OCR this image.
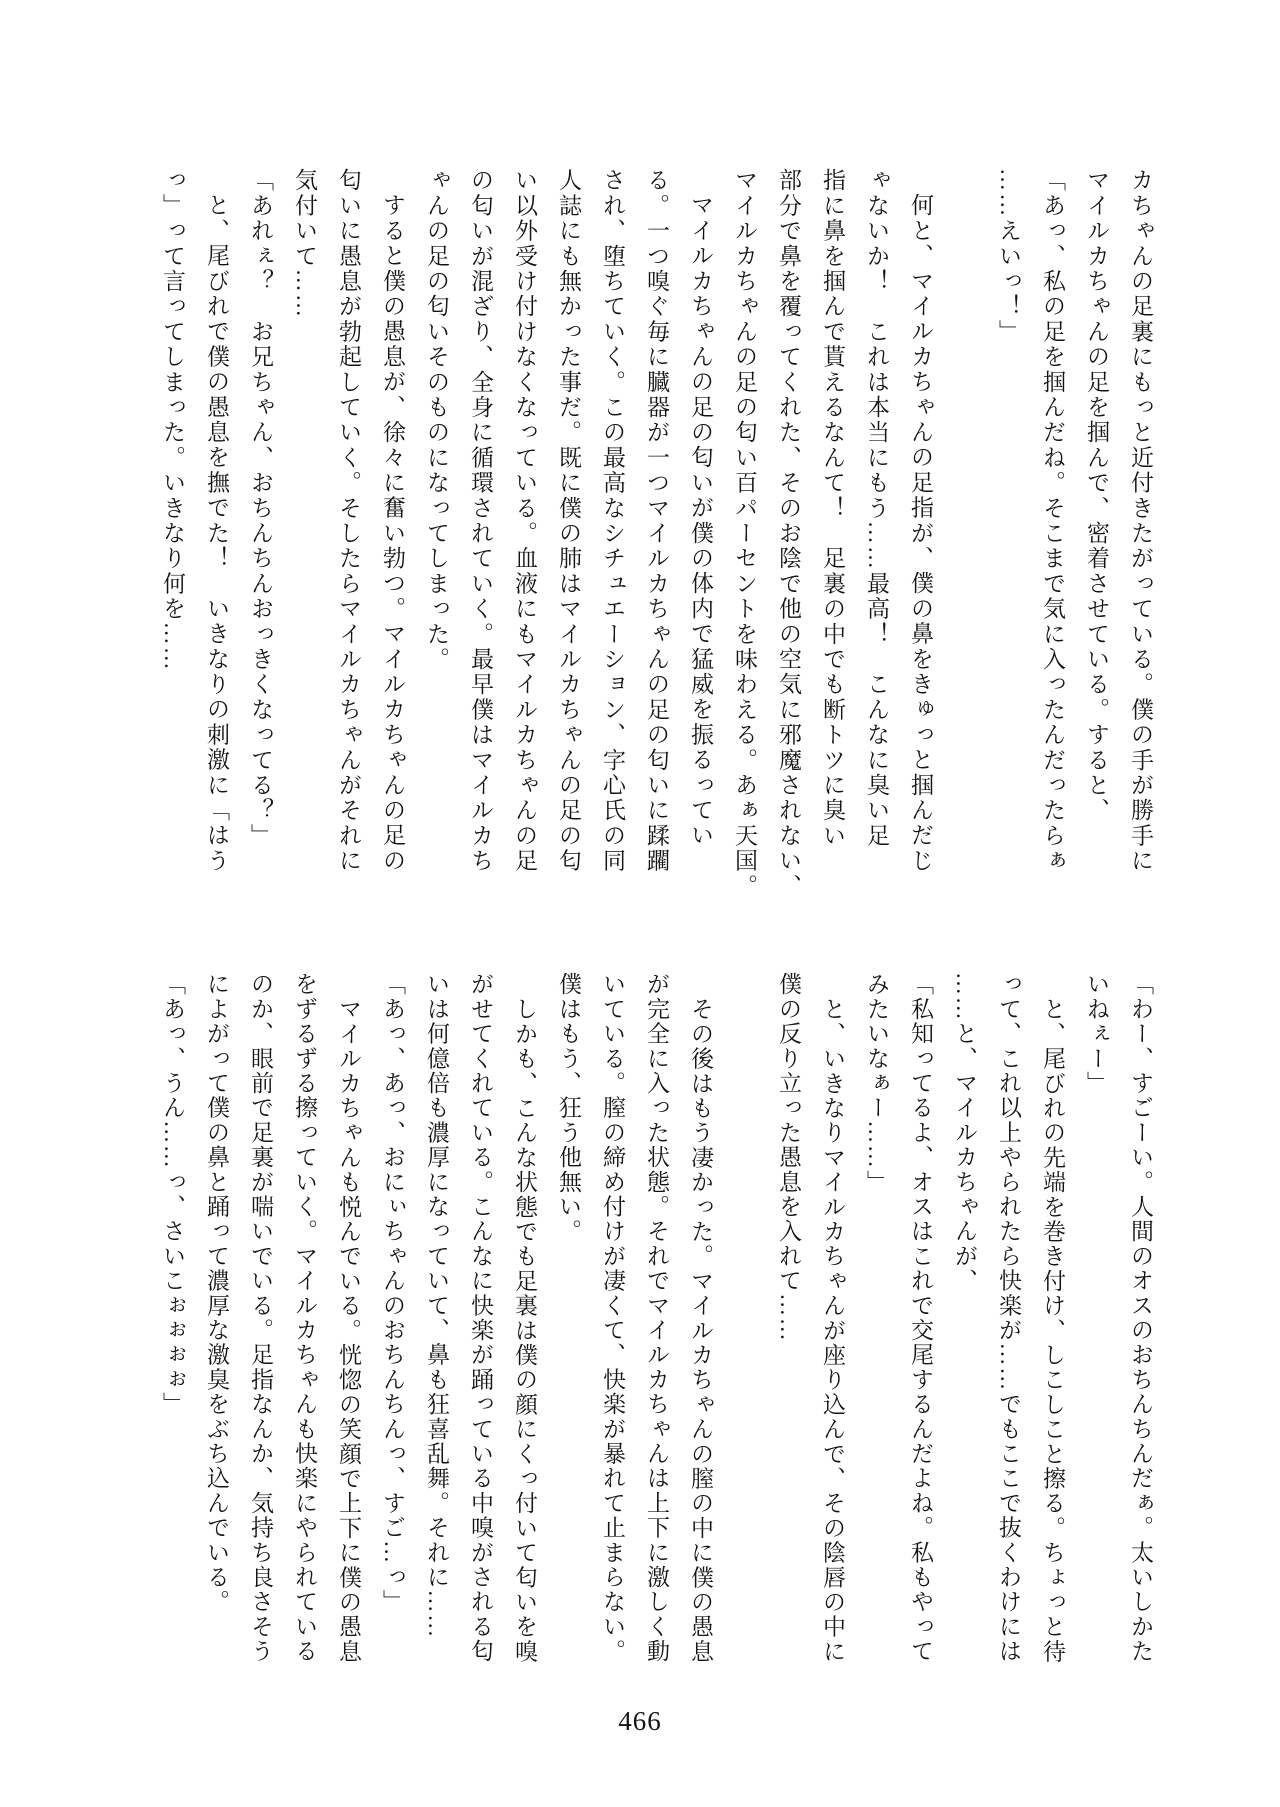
カちゃんの足裏にもっと近付きたがっている。僕の手が勝手に
マイルカちゃんの足を掴んで、密着させている。すると、
「あっ、私の足を掴んだね。そこまで気に入ったんだったらぁ
……えいっ！」
何と、マイルカちゃんの足指が、僕の鼻をきゅっと掴んだじ
ゃないか！　これは本当にもう……最高！　こんなに臭い足
指に鼻を掴んで貰えるなんて！　足裏の中でも断トツに臭い
部分で鼻を覆ってくれた、そのお陰で他の空気に邪魔されない、
マイルカちゃんの足の匂い百パーセントを味わえる。あぁ天国。
マイルカちゃんの足の匂いが僕の体内で猛威を振るってい
る。一つ嗅ぐ毎に臓器が一つマイルカちゃんの足の匂いに蹂躙
され、堕ちていく。この最高なシチュエーション、字心氏の同
人誌にも無かった事だ。既に僕の肺はマイルカちゃんの足の匂
い以外受け付けなくなっている。血液にもマイルカちゃんの足
の匂いが混ざり、全身に循環されていく。最早僕はマイルカち
ゃんの足の匂いそのものになってしまった。
すると僕の愚息が、徐々に奮い勃つ。マイルカちゃんの足の
匂いに愚息が勃起していく。そしたらマイルカちゃんがそれに
気付いて……
「あれぇ？　お兄ちゃん、おちんちんおっきくなってる？」
と、尾びれで僕の愚息を撫でた！　いきなりの刺激に「はう
っ」って言ってしまった。いきなり何を……
「わー、すごーい。人間のオスのおちんちんだぁ。太いしかた
いねぇー」
と、尾びれの先端を巻き付け、しこしこと擦る。ちょっと待
って、これ以上やられたら快楽が……でもここで抜くわけには
……と、マイルカちゃんが、
「私知ってるよ、オスはこれで交尾するんだよね。私もやって
みたいなぁー……」
と、いきなりマイルカちゃんが座り込んで、その陰唇の中に
僕の反り立った愚息を入れて……
その後はもう凄かった。マイルカちゃんの膣の中に僕の愚息
が完全に入った状態。それでマイルカちゃんは上下に激しく動
いている。膣の締め付けが凄くて、快楽が暴れて止まらない。
僕はもう、狂う他無い。
しかも、こんな状態でも足裏は僕の顔にくっ付いて匂いを嗅
がせてくれている。こんなに快楽が踊っている中嗅がされる匂
いは何億倍も濃厚になっていて、鼻も狂喜乱舞。それに……
「あっ、あっ、おにぃちゃんのおちんちんっ、すご…っ」
マイルカちゃんも悦んでいる。恍惚の笑顔で上下に僕の愚息
をずるずる擦っていく。マイルカちゃんも快楽にやられている
のか、眼前で足裏が喘いでいる。足指なんか、気持ち良さそう
によがって僕の鼻と踊って濃厚な激臭をぶち込んでいる。
「あっ、うん……っ、さいこぉぉぉぉ」
466
